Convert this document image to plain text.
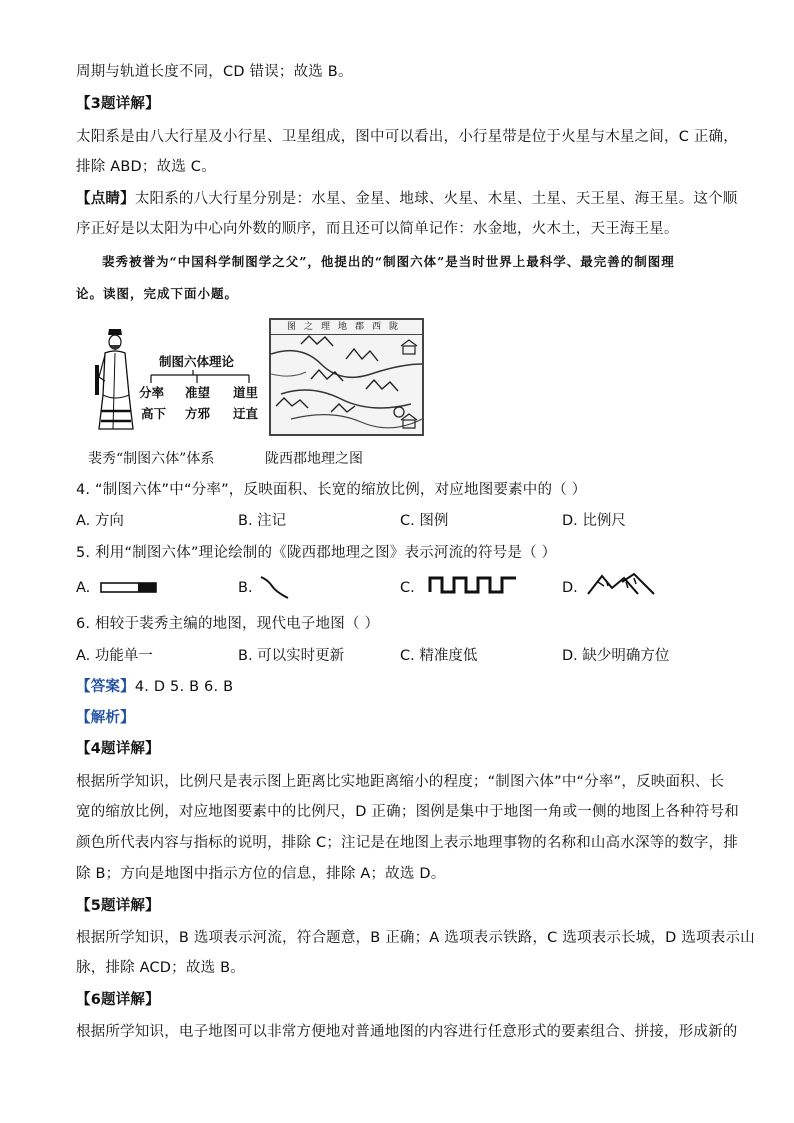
周期与轨道长度不同，CD 错误；故选 B。
【3题详解】
太阳系是由八大行星及小行星、卫星组成，图中可以看出，小行星带是位于火星与木星之间，C 正确，
排除 ABD；故选 C。
【点睛】太阳系的八大行星分别是：水星、金星、地球、火星、木星、土星、天王星、海王星。这个顺
序正好是以太阳为中心向外数的顺序，而且还可以简单记作：水金地，火木土，天王海王星。
裴秀被誉为“中国科学制图学之父”，他提出的“制图六体”是当时世界上最科学、最完善的制图理
论。读图，完成下面小题。
制图六体理论
分率 准望 道里
高下 方邪 迂直
图之理地郡西陇
裴秀“制图六体”体系	陇西郡地理之图
4. “制图六体”中“分率”，反映面积、长宽的缩放比例，对应地图要素中的（ ）
A. 方向	B. 注记	C. 图例	D. 比例尺
5. 利用“制图六体”理论绘制的《陇西郡地理之图》表示河流的符号是（ ）
A.	B.	C.	D.
6. 相较于裴秀主编的地图，现代电子地图（ ）
A. 功能单一	B. 可以实时更新	C. 精准度低	D. 缺少明确方位
【答案】4. D 5. B 6. B
【解析】
【4题详解】
根据所学知识，比例尺是表示图上距离比实地距离缩小的程度；“制图六体”中“分率”，反映面积、长
宽的缩放比例，对应地图要素中的比例尺，D 正确；图例是集中于地图一角或一侧的地图上各种符号和
颜色所代表内容与指标的说明，排除 C；注记是在地图上表示地理事物的名称和山高水深等的数字，排
除 B；方向是地图中指示方位的信息，排除 A；故选 D。
【5题详解】
根据所学知识，B 选项表示河流，符合题意，B 正确；A 选项表示铁路，C 选项表示长城，D 选项表示山
脉，排除 ACD；故选 B。
【6题详解】
根据所学知识，电子地图可以非常方便地对普通地图的内容进行任意形式的要素组合、拼接，形成新的
